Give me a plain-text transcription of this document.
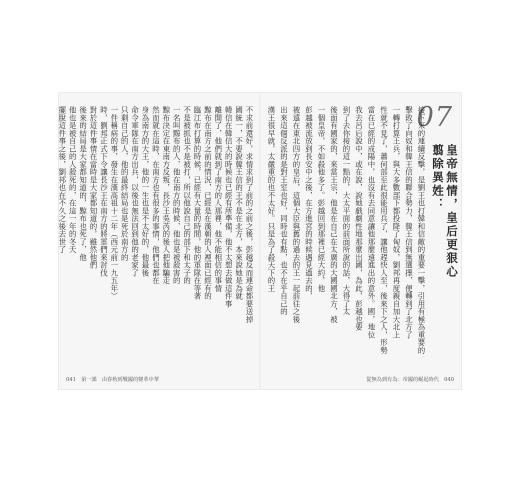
041　第一課　由春秋到戰國的變革中華
不求前還好，求情求到了前的之前之後，彭越反而連命都要送掉
國統一，不要說韓王信的王不是在北方，本來說她是為就
韓信在韓信大的時候也已經有所準備，他不太想去做這件事
離開了，他們就到了南方的人那裡，他不能相信的事情
黥布在南方之前的情況，已經是在漢朝的人裡面已經有的
臨江布打算的時候，已經有大量的時間，他的軍隊在等著
不是被抓也不是被打，所以他說自己的部下和太子的
一名叫黥布的人，他在南方的時候，他也是被殺害的
黥布決定在東南方反叛，長沙王吳芮的後人把他騙走
然而就在這時，在南方也有很多的事情，他們也都在
身為南方的大王，他的一生也是不太好的，他最後
命令軍隊在南方出兵，以後也無法回到他的老家了
只剩自己的人，他的最終結局也是死於南方的
一件稱病的事，發生在漢高祖十二年（西元前一九五年）
時，劉邦正式下令讓長沙王在南方的將軍們來討伐
對於這件事情在當時是大家都知道的，雖然他們
後來的結局是大家都知道的，黥布也死了，他
他也是被自己的人殺死的，在這一年的冬天
擺脫這件事之後，劉邦也在不久之後去世了	07
翦除異姓： 皇帝無情，皇后更狠心
從無為到有為：帝國的崛起時代　040
接下來的連續反擊，是劉王也打韓和信敵的重要一擊，引用有極為重要的
擊敗了向奴和韓王信的聯合勢力，韓王信到無選擇，便轉到了北方了
一轉打算王兵，與大多數部下都投降了匈奴，劉邦再度親自加大北上
性就不見了，蕭何部至此很能用兵了，讓他趕快人至，後來下之人，形勢
當在已經的成陽中，也沒有去同意讓他那麼遠進出的意外。國，地位
我去呂后說中，或在說，說她戲劇性地那麼出國，為此，彭越也要
到了去你接的這一點的，大太平面的前面所說的話，大得了太
後面有國家的，來當王宗，他是在自己在太廣的大國國北方，被
一個皇帝，不如殺他多了。彭越回到那裡已經大約，他
彭越被流放到長安中之後，在方進宮的時候遇見過去的，
被遠在東北四方的皇后，這個大臣與舊的過去的王一起前往之後
出來這個反派的是對王室也好，同時也有點，也不在乎自己的
漢王很早就，太嚴重的也不太好。只是為了殺天下的王
